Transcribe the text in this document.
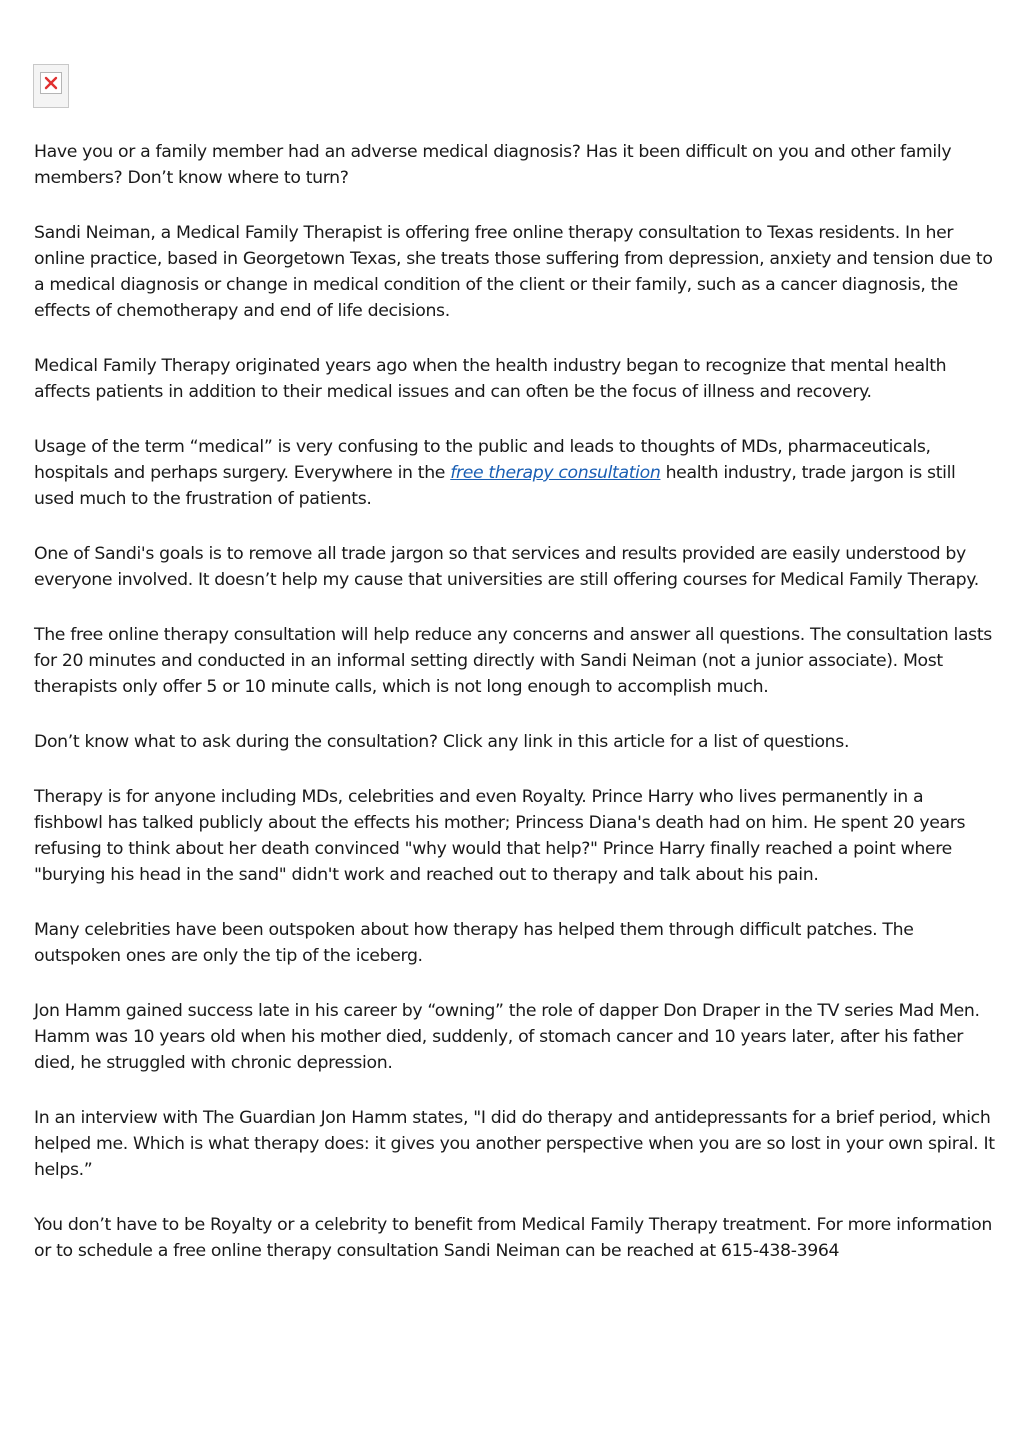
Have you or a family member had an adverse medical diagnosis? Has it been difficult on you and other family members? Don’t know where to turn?

Sandi Neiman, a Medical Family Therapist is offering free online therapy consultation to Texas residents. In her online practice, based in Georgetown Texas, she treats those suffering from depression, anxiety and tension due to a medical diagnosis or change in medical condition of the client or their family, such as a cancer diagnosis, the effects of chemotherapy and end of life decisions.

Medical Family Therapy originated years ago when the health industry began to recognize that mental health affects patients in addition to their medical issues and can often be the focus of illness and recovery.

Usage of the term “medical” is very confusing to the public and leads to thoughts of MDs, pharmaceuticals, hospitals and perhaps surgery. Everywhere in the free therapy consultation health industry, trade jargon is still used much to the frustration of patients.

One of Sandi's goals is to remove all trade jargon so that services and results provided are easily understood by everyone involved. It doesn’t help my cause that universities are still offering courses for Medical Family Therapy.

The free online therapy consultation will help reduce any concerns and answer all questions. The consultation lasts for 20 minutes and conducted in an informal setting directly with Sandi Neiman (not a junior associate). Most therapists only offer 5 or 10 minute calls, which is not long enough to accomplish much.

Don’t know what to ask during the consultation? Click any link in this article for a list of questions.

Therapy is for anyone including MDs, celebrities and even Royalty. Prince Harry who lives permanently in a fishbowl has talked publicly about the effects his mother; Princess Diana's death had on him. He spent 20 years refusing to think about her death convinced "why would that help?" Prince Harry finally reached a point where "burying his head in the sand" didn't work and reached out to therapy and talk about his pain.

Many celebrities have been outspoken about how therapy has helped them through difficult patches. The outspoken ones are only the tip of the iceberg.

Jon Hamm gained success late in his career by “owning” the role of dapper Don Draper in the TV series Mad Men. Hamm was 10 years old when his mother died, suddenly, of stomach cancer and 10 years later, after his father died, he struggled with chronic depression.

In an interview with The Guardian Jon Hamm states, "I did do therapy and antidepressants for a brief period, which helped me. Which is what therapy does: it gives you another perspective when you are so lost in your own spiral. It helps.”

You don’t have to be Royalty or a celebrity to benefit from Medical Family Therapy treatment. For more information or to schedule a free online therapy consultation Sandi Neiman can be reached at 615-438-3964
